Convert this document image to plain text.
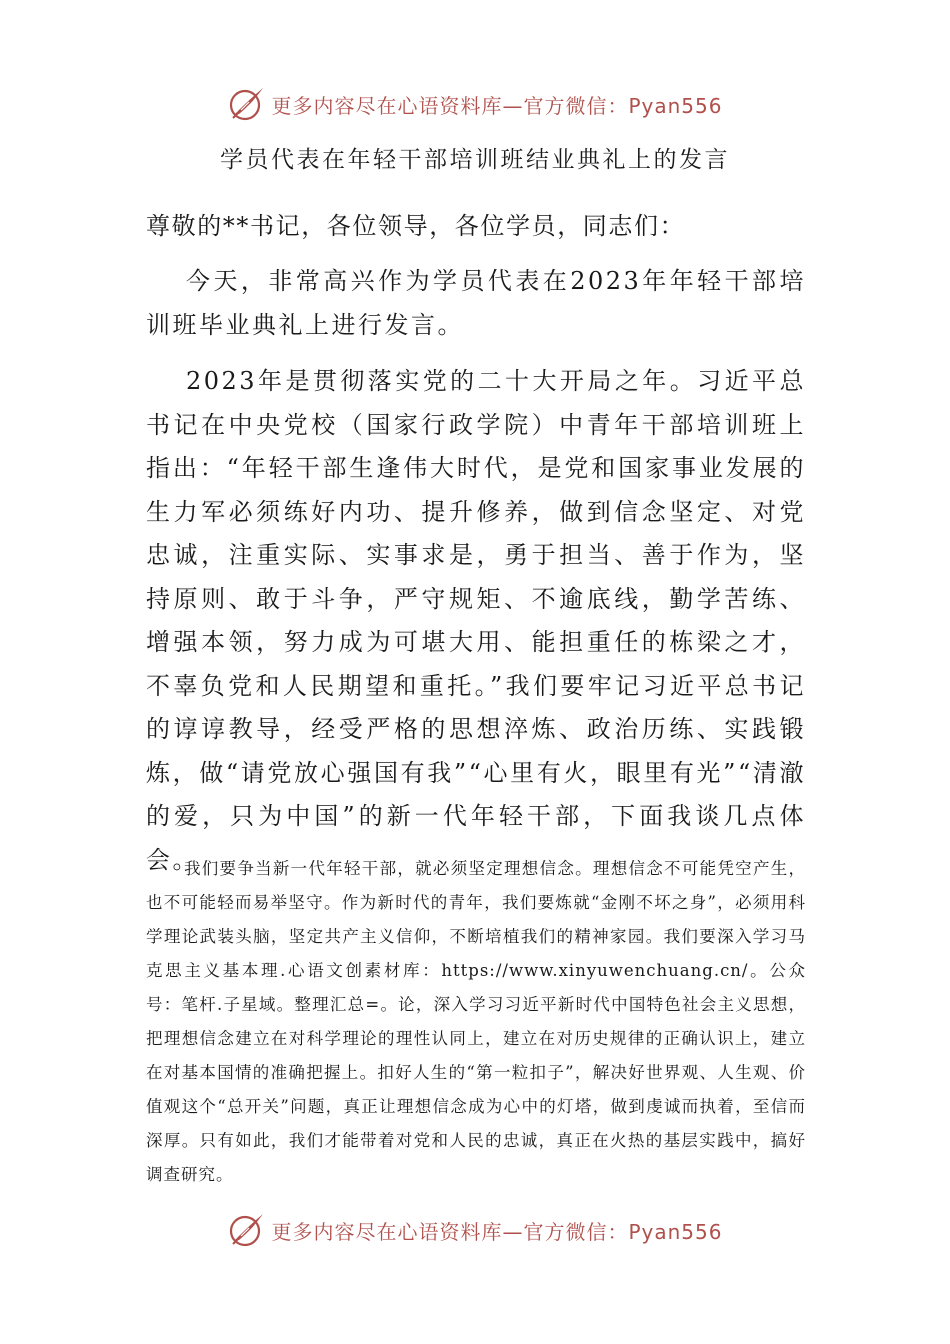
更多内容尽在心语资料库—官方微信：Pyan556
学员代表在年轻干部培训班结业典礼上的发言
尊敬的**书记，各位领导，各位学员，同志们：

今天，非常高兴作为学员代表在2023年年轻干部培训班毕业典礼上进行发言。

2023年是贯彻落实党的二十大开局之年。习近平总书记在中央党校（国家行政学院）中青年干部培训班上指出：“年轻干部生逢伟大时代，是党和国家事业发展的生力军必须练好内功、提升修养，做到信念坚定、对党忠诚，注重实际、实事求是，勇于担当、善于作为，坚持原则、敢于斗争，严守规矩、不逾底线，勤学苦练、增强本领，努力成为可堪大用、能担重任的栋梁之才，不辜负党和人民期望和重托。”我们要牢记习近平总书记的谆谆教导，经受严格的思想淬炼、政治历练、实践锻炼，做“请党放心强国有我”“心里有火，眼里有光”“清澈的爱，只为中国”的新一代年轻干部，下面我谈几点体会。

我们要争当新一代年轻干部，就必须坚定理想信念。理想信念不可能凭空产生，也不可能轻而易举坚守。作为新时代的青年，我们要炼就“金刚不坏之身”，必须用科学理论武装头脑，坚定共产主义信仰，不断培植我们的精神家园。我们要深入学习马克思主义基本理.心语文创素材库：https://www.xinyuwenchuang.cn/。公众号：笔杆.子星域。整理汇总=。论，深入学习习近平新时代中国特色社会主义思想，把理想信念建立在对科学理论的理性认同上，建立在对历史规律的正确认识上，建立在对基本国情的准确把握上。扣好人生的“第一粒扣子”，解决好世界观、人生观、价值观这个“总开关”问题，真正让理想信念成为心中的灯塔，做到虔诚而执着，至信而深厚。只有如此，我们才能带着对党和人民的忠诚，真正在火热的基层实践中，搞好调查研究。

更多内容尽在心语资料库—官方微信：Pyan556
